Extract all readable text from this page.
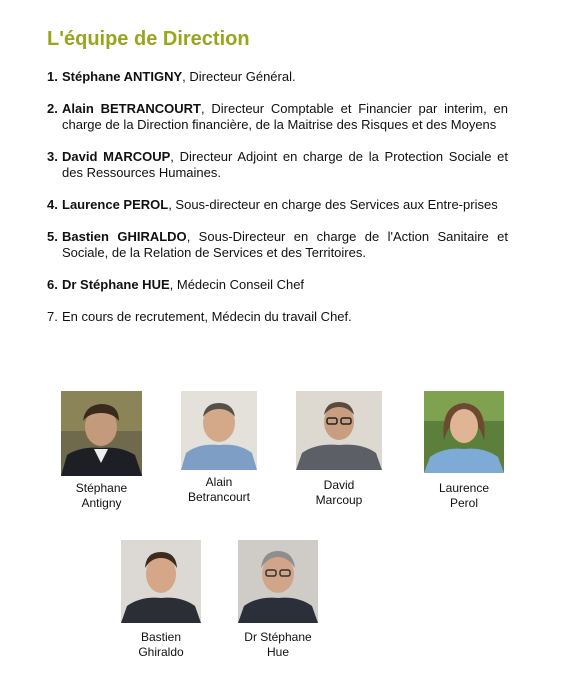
L'équipe de Direction
1. Stéphane ANTIGNY, Directeur Général.
2. Alain BETRANCOURT, Directeur Comptable et Financier par interim, en charge de la Direction financière, de la Maitrise des Risques et des Moyens
3. David MARCOUP, Directeur Adjoint en charge de la Protection Sociale et des Ressources Humaines.
4. Laurence PEROL, Sous-directeur en charge des Services aux Entre-prises
5. Bastien GHIRALDO, Sous-Directeur en charge de l'Action Sanitaire et Sociale, de la Relation de Services et des Territoires.
6. Dr Stéphane HUE, Médecin Conseil Chef
7. En cours de recrutement, Médecin du travail Chef.
Stéphane
Antigny
Alain
Betrancourt
David
Marcoup
Laurence
Perol
Bastien
Ghiraldo
Dr Stéphane
Hue
